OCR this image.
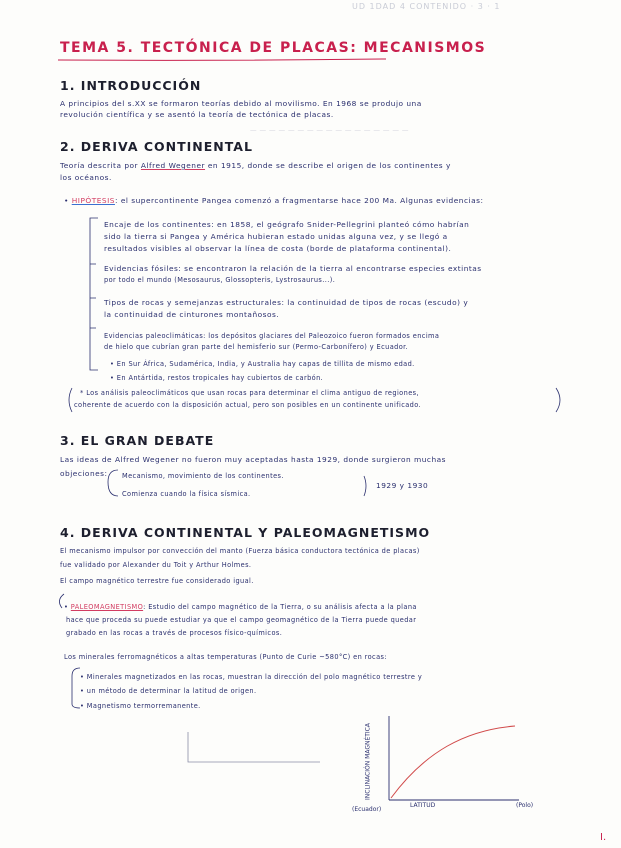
UD 1DAD 4 CONTENIDO · 3 · 1
TEMA 5. TECTÓNICA DE PLACAS: MECANISMOS
1. INTRODUCCIÓN
A principios del s.XX se formaron teorías debido al movilismo. En 1968 se produjo una
revolución científica y se asentó la teoría de tectónica de placas.
— — — — — — — — — — — — — — — — —
2. DERIVA CONTINENTAL
Teoría descrita por Alfred Wegener en 1915, donde se describe el origen de los continentes y
los océanos.
• HIPÓTESIS: el supercontinente Pangea comenzó a fragmentarse hace 200 Ma. Algunas evidencias:
Encaje de los continentes: en 1858, el geógrafo Snider-Pellegrini planteó cómo habrían
sido la tierra si Pangea y América hubieran estado unidas alguna vez, y se llegó a
resultados visibles al observar la línea de costa (borde de plataforma continental).
Evidencias fósiles: se encontraron la relación de la tierra al encontrarse especies extintas
por todo el mundo (Mesosaurus, Glossopteris, Lystrosaurus...).
Tipos de rocas y semejanzas estructurales: la continuidad de tipos de rocas (escudo) y
la continuidad de cinturones montañosos.
Evidencias paleoclimáticas: los depósitos glaciares del Paleozoico fueron formados encima
de hielo que cubrían gran parte del hemisferio sur (Permo-Carbonífero) y Ecuador.
• En Sur África, Sudamérica, India, y Australia hay capas de tillita de mismo edad.
• En Antártida, restos tropicales hay cubiertos de carbón.
* Los análisis paleoclimáticos que usan rocas para determinar el clima antiguo de regiones,
coherente de acuerdo con la disposición actual, pero son posibles en un continente unificado.
3. EL GRAN DEBATE
Las ideas de Alfred Wegener no fueron muy aceptadas hasta 1929, donde surgieron muchas
objeciones: Mecanismo, movimiento de los continentes.
Comienza cuando la física sísmica.
1929 y 1930
4. DERIVA CONTINENTAL Y PALEOMAGNETISMO
El mecanismo impulsor por convección del manto (Fuerza básica conductora tectónica de placas)
fue validado por Alexander du Toit y Arthur Holmes.
El campo magnético terrestre fue considerado igual.
• PALEOMAGNETISMO: Estudio del campo magnético de la Tierra, o su análisis afecta a la plana
hace que proceda su puede estudiar ya que el campo geomagnético de la Tierra puede quedar
grabado en las rocas a través de procesos físico-químicos.
Los minerales ferromagnéticos a altas temperaturas (Punto de Curie ~580°C) en rocas:
• Minerales magnetizados en las rocas, muestran la dirección del polo magnético terrestre y
• un método de determinar la latitud de origen.
• Magnetismo termorremanente.
INCLINACIÓN MAGNÉTICA
LATITUD
(Ecuador)
(Polo)
I.
